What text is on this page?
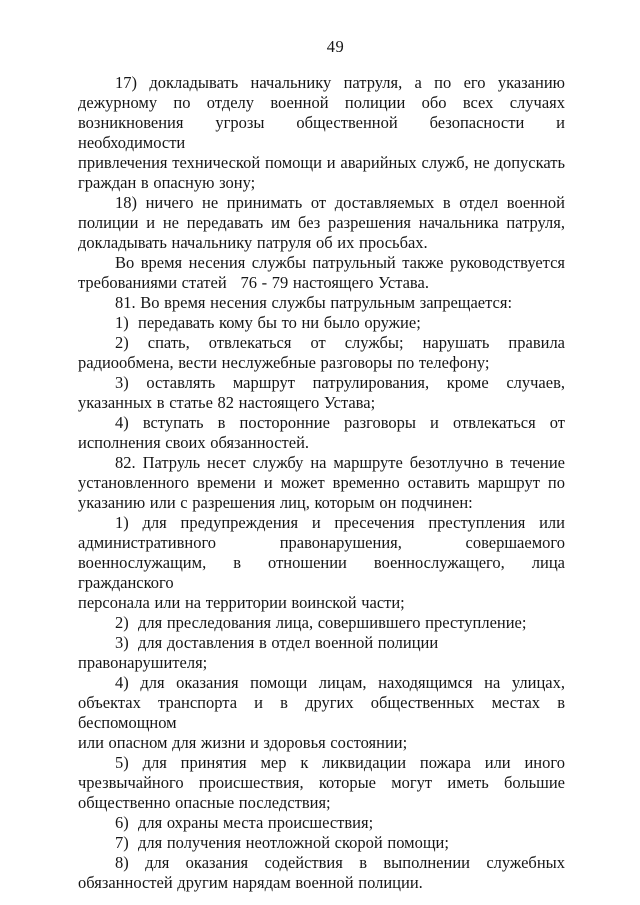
49
17) докладывать начальнику патруля, а по его указанию
дежурному по отделу военной полиции обо всех случаях
возникновения угрозы общественной безопасности и необходимости
привлечения технической помощи и аварийных служб, не допускать
граждан в опасную зону;
18) ничего не принимать от доставляемых в отдел военной
полиции и не передавать им без разрешения начальника патруля,
докладывать начальнику патруля об их просьбах.
Во время несения службы патрульный также руководствуется
требованиями статей   76 - 79 настоящего Устава.
81. Во время несения службы патрульным запрещается:
1)  передавать кому бы то ни было оружие;
2) спать, отвлекаться от службы; нарушать правила
радиообмена, вести неслужебные разговоры по телефону;
3) оставлять маршрут патрулирования, кроме случаев,
указанных в статье 82 настоящего Устава;
4) вступать в посторонние разговоры и отвлекаться от
исполнения своих обязанностей.
82. Патруль несет службу на маршруте безотлучно в течение
установленного времени и может временно оставить маршрут по
указанию или с разрешения лиц, которым он подчинен:
1) для предупреждения и пресечения преступления или
административного правонарушения, совершаемого
военнослужащим, в отношении военнослужащего, лица гражданского
персонала или на территории воинской части;
2)  для преследования лица, совершившего преступление;
3)  для доставления в отдел военной полиции правонарушителя;
4) для оказания помощи лицам, находящимся на улицах,
объектах транспорта и в других общественных местах в беспомощном
или опасном для жизни и здоровья состоянии;
5) для принятия мер к ликвидации пожара или иного
чрезвычайного происшествия, которые могут иметь большие
общественно опасные последствия;
6)  для охраны места происшествия;
7)  для получения неотложной скорой помощи;
8) для оказания содействия в выполнении служебных
обязанностей другим нарядам военной полиции.
